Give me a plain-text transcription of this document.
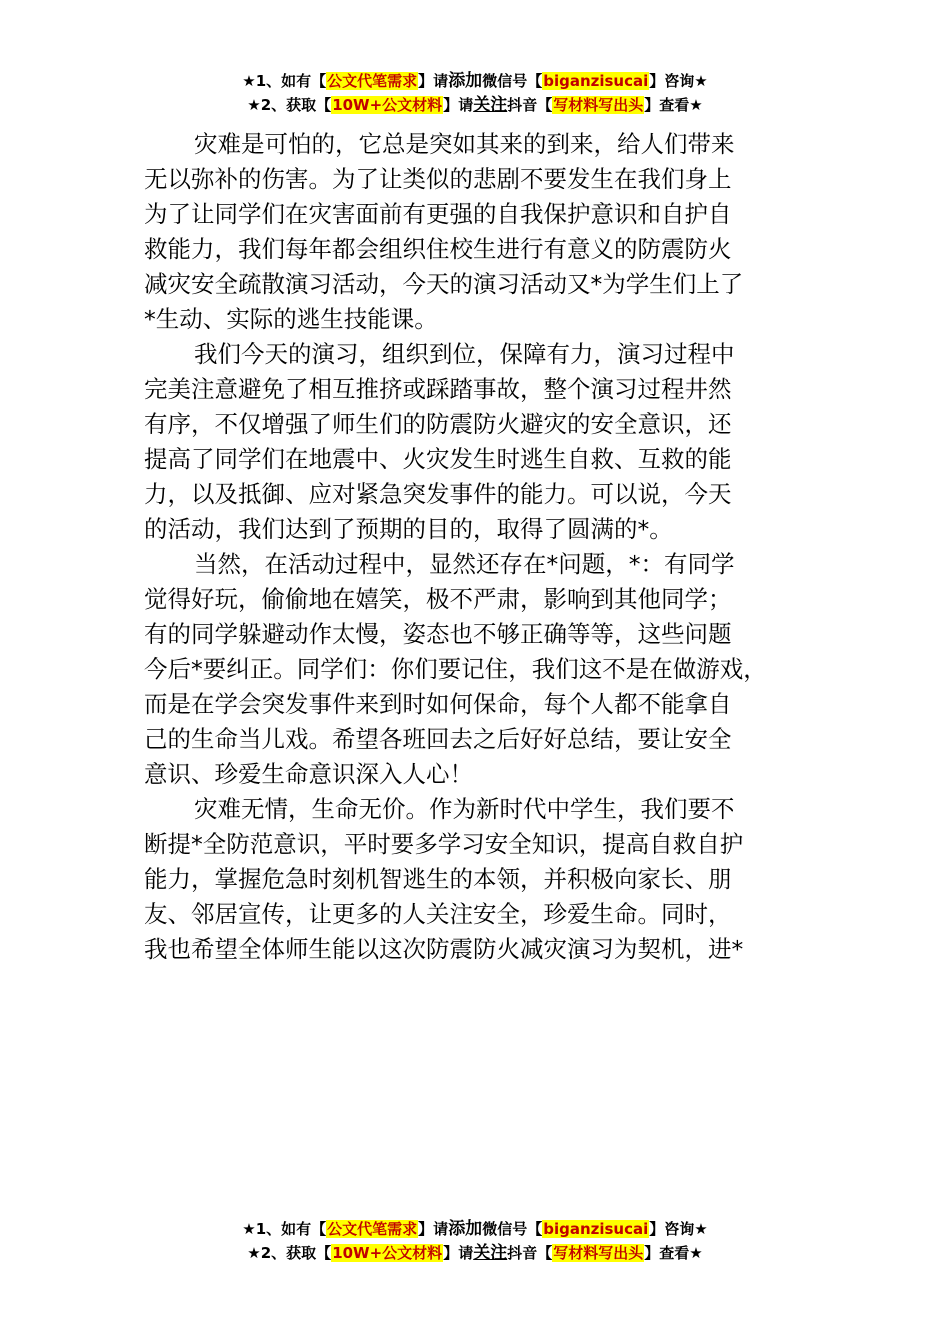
★1、如有【公文代笔需求】请添加微信号【biganzisucai】咨询★
★2、获取【10W+公文材料】请关注抖音【写材料写出头】查看★
灾难是可怕的，它总是突如其来的到来，给人们带来
无以弥补的伤害。为了让类似的悲剧不要发生在我们身上
为了让同学们在灾害面前有更强的自我保护意识和自护自
救能力，我们每年都会组织住校生进行有意义的防震防火
减灾安全疏散演习活动，今天的演习活动又*为学生们上了
*生动、实际的逃生技能课。
我们今天的演习，组织到位，保障有力，演习过程中
完美注意避免了相互推挤或踩踏事故，整个演习过程井然
有序，不仅增强了师生们的防震防火避灾的安全意识，还
提高了同学们在地震中、火灾发生时逃生自救、互救的能
力，以及抵御、应对紧急突发事件的能力。可以说，今天
的活动，我们达到了预期的目的，取得了圆满的*。
当然，在活动过程中，显然还存在*问题，*：有同学
觉得好玩，偷偷地在嬉笑，极不严肃，影响到其他同学；
有的同学躲避动作太慢，姿态也不够正确等等，这些问题
今后*要纠正。同学们：你们要记住，我们这不是在做游戏，
而是在学会突发事件来到时如何保命，每个人都不能拿自
己的生命当儿戏。希望各班回去之后好好总结，要让安全
意识、珍爱生命意识深入人心！
灾难无情，生命无价。作为新时代中学生，我们要不
断提*全防范意识，平时要多学习安全知识，提高自救自护
能力，掌握危急时刻机智逃生的本领，并积极向家长、朋
友、邻居宣传，让更多的人关注安全，珍爱生命。同时，
我也希望全体师生能以这次防震防火减灾演习为契机，进*
★1、如有【公文代笔需求】请添加微信号【biganzisucai】咨询★
★2、获取【10W+公文材料】请关注抖音【写材料写出头】查看★
